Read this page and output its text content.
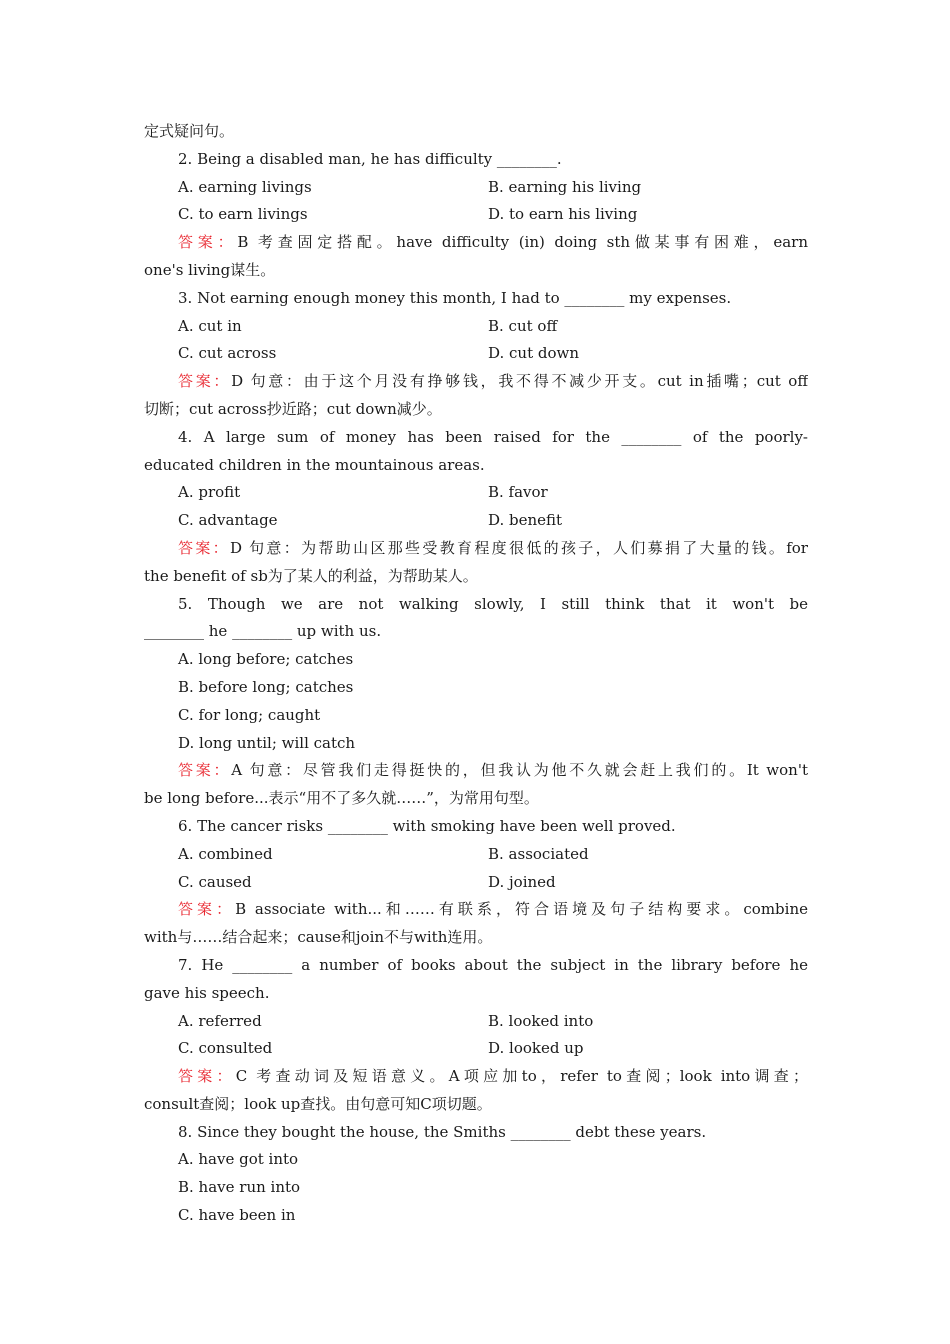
定式疑问句。
2. Being a disabled man, he has difficulty ________.
A. earning livings	B. earning his living
C. to earn livings	D. to earn his living
答案：B 考查固定搭配。have difficulty (in) doing sth做某事有困难，earn
one's living谋生。
3. Not earning enough money this month, I had to ________ my expenses.
A. cut in	B. cut off
C. cut across	D. cut down
答案：D 句意：由于这个月没有挣够钱，我不得不减少开支。cut in插嘴；cut off
切断；cut across抄近路；cut down减少。
4. A large sum of money has been raised for the ________ of the poorly-
educated children in the mountainous areas.
A. profit	B. favor
C. advantage	D. benefit
答案：D 句意：为帮助山区那些受教育程度很低的孩子，人们募捐了大量的钱。for
the benefit of sb为了某人的利益，为帮助某人。
5. Though we are not walking slowly, I still think that it won't be
________ he ________ up with us.
A. long before; catches
B. before long; catches
C. for long; caught
D. long until; will catch
答案：A 句意：尽管我们走得挺快的，但我认为他不久就会赶上我们的。It won't
be long before...表示“用不了多久就……”，为常用句型。
6. The cancer risks ________ with smoking have been well proved.
A. combined	B. associated
C. caused	D. joined
答案：B associate with...和……有联系，符合语境及句子结构要求。combine
with与……结合起来；cause和join不与with连用。
7. He ________ a number of books about the subject in the library before he
gave his speech.
A. referred	B. looked into
C. consulted	D. looked up
答案：C 考查动词及短语意义。A项应加to，refer to查阅；look into调查；
consult查阅；look up查找。由句意可知C项切题。
8. Since they bought the house, the Smiths ________ debt these years.
A. have got into
B. have run into
C. have been in
